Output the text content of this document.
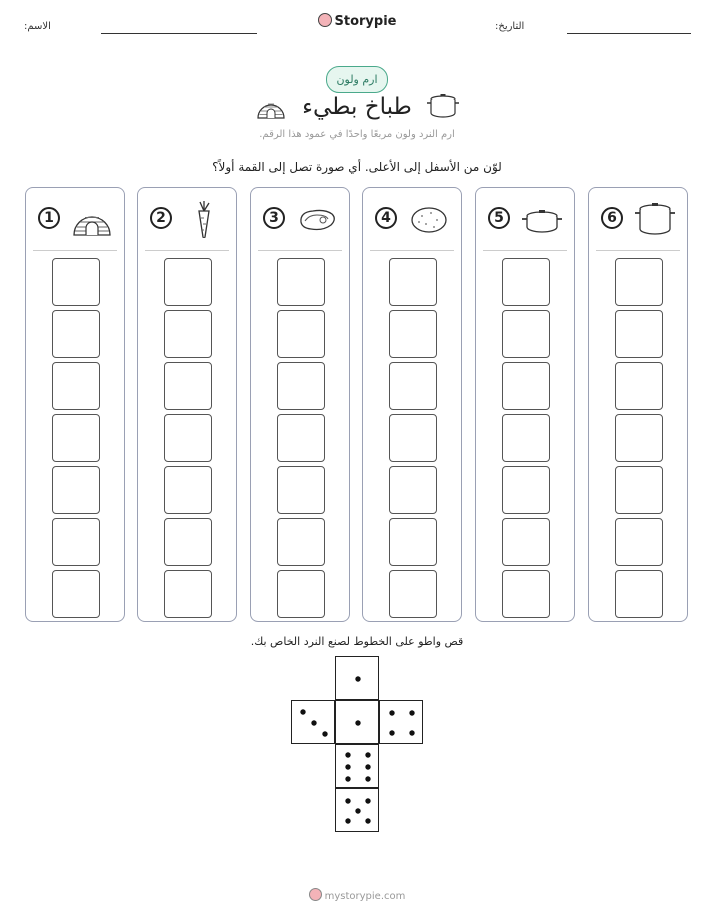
الاسم:	Storypie	التاريخ:
ارم ولون
طباخ بطيء
ارم النرد ولون مربعًا واحدًا في عمود هذا الرقم.
لوّن من الأسفل إلى الأعلى. أي صورة تصل إلى القمة أولاً؟
1	2	3	4	5	6
قص واطو على الخطوط لصنع النرد الخاص بك.
mystorypie.com
